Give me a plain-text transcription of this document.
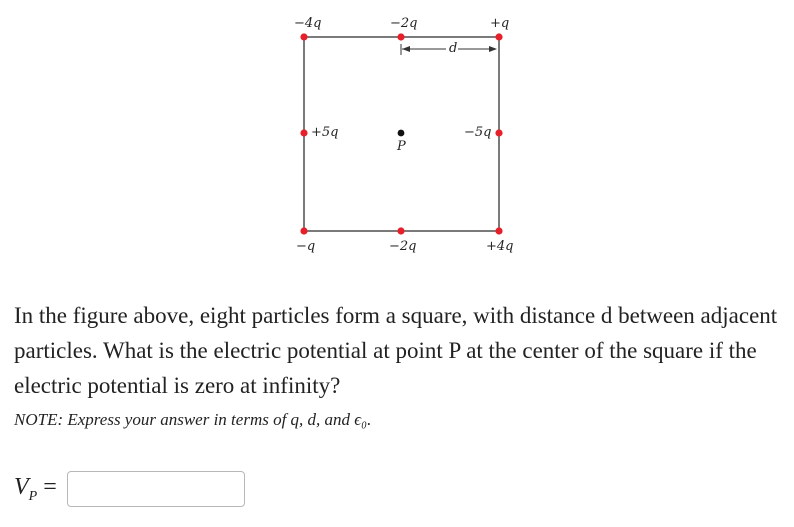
−4q	−2q	+q
d
+5q	−5q
P
−q	−2q	+4q

In the figure above, eight particles form a square, with distance d between adjacent particles. What is the electric potential at point P at the center of the square if the electric potential is zero at infinity?

NOTE: Express your answer in terms of q, d, and ϵ₀.

$V_P$ =
